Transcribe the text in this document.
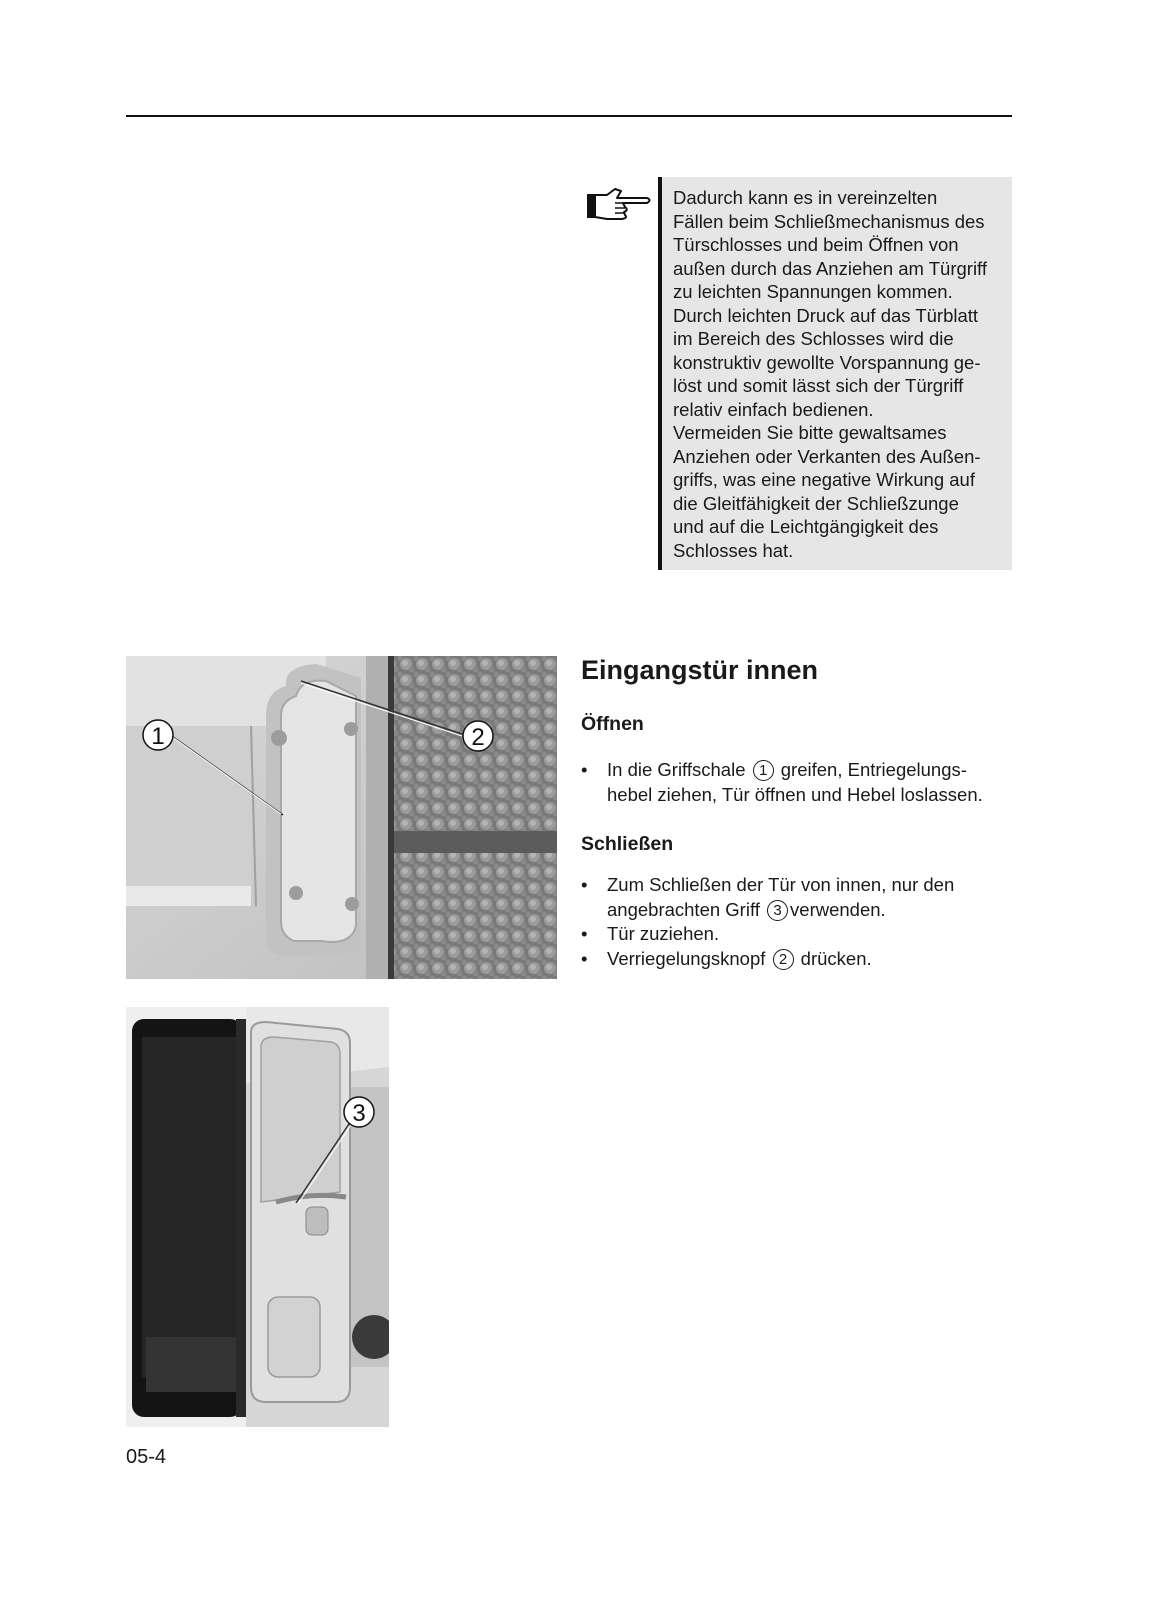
Dadurch kann es in vereinzelten
Fällen beim Schließmechanismus des
Türschlosses und beim Öffnen von
außen durch das Anziehen am Türgriff
zu leichten Spannungen kommen.

Durch leichten Druck auf das Türblatt
im Bereich des Schlosses wird die
konstruktiv gewollte Vorspannung ge-
löst und somit lässt sich der Türgriff
relativ einfach bedienen.

Vermeiden Sie bitte gewaltsames
Anziehen oder Verkanten des Außen-
griffs, was eine negative Wirkung auf
die Gleitfähigkeit der Schließzunge
und auf die Leichtgängigkeit des
Schlosses hat.

1	2
3
Eingangstür innen
Öffnen
• In die Griffschale 1 greifen, Entriegelungs-
hebel ziehen, Tür öffnen und Hebel loslassen.
Schließen
• Zum Schließen der Tür von innen, nur den
angebrachten Griff 3 verwenden.
• Tür zuziehen.
• Verriegelungsknopf 2 drücken.
05-4
